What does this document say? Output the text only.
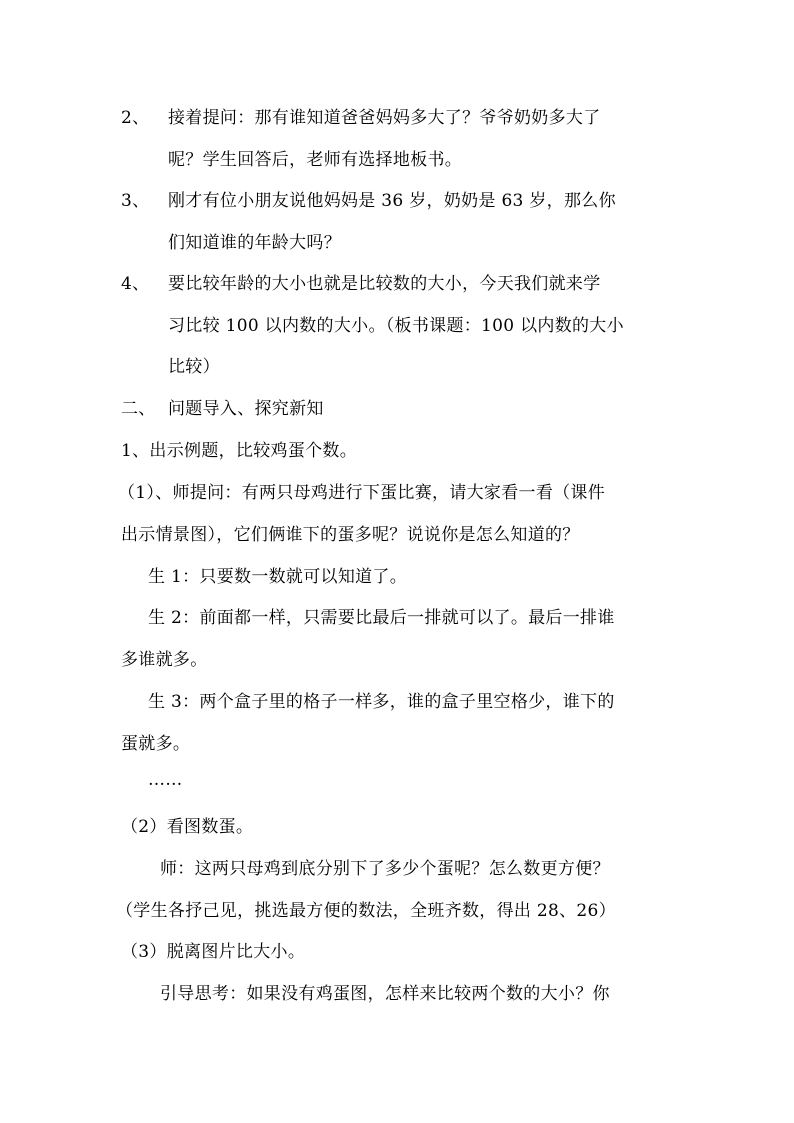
2、 接着提问：那有谁知道爸爸妈妈多大了？爷爷奶奶多大了
呢？学生回答后，老师有选择地板书。
3、 刚才有位小朋友说他妈妈是 36 岁，奶奶是 63 岁，那么你
们知道谁的年龄大吗？
4、 要比较年龄的大小也就是比较数的大小，今天我们就来学
习比较 100 以内数的大小。（板书课题：100 以内数的大小
比较）
二、 问题导入、探究新知
1、出示例题，比较鸡蛋个数。
（1）、师提问：有两只母鸡进行下蛋比赛，请大家看一看（课件
出示情景图），它们俩谁下的蛋多呢？说说你是怎么知道的？
生 1：只要数一数就可以知道了。
生 2：前面都一样，只需要比最后一排就可以了。最后一排谁
多谁就多。
生 3：两个盒子里的格子一样多，谁的盒子里空格少，谁下的
蛋就多。
……
（2）看图数蛋。
师：这两只母鸡到底分别下了多少个蛋呢？怎么数更方便？
（学生各抒己见，挑选最方便的数法，全班齐数，得出 28、26）
（3）脱离图片比大小。
引导思考：如果没有鸡蛋图，怎样来比较两个数的大小？你
